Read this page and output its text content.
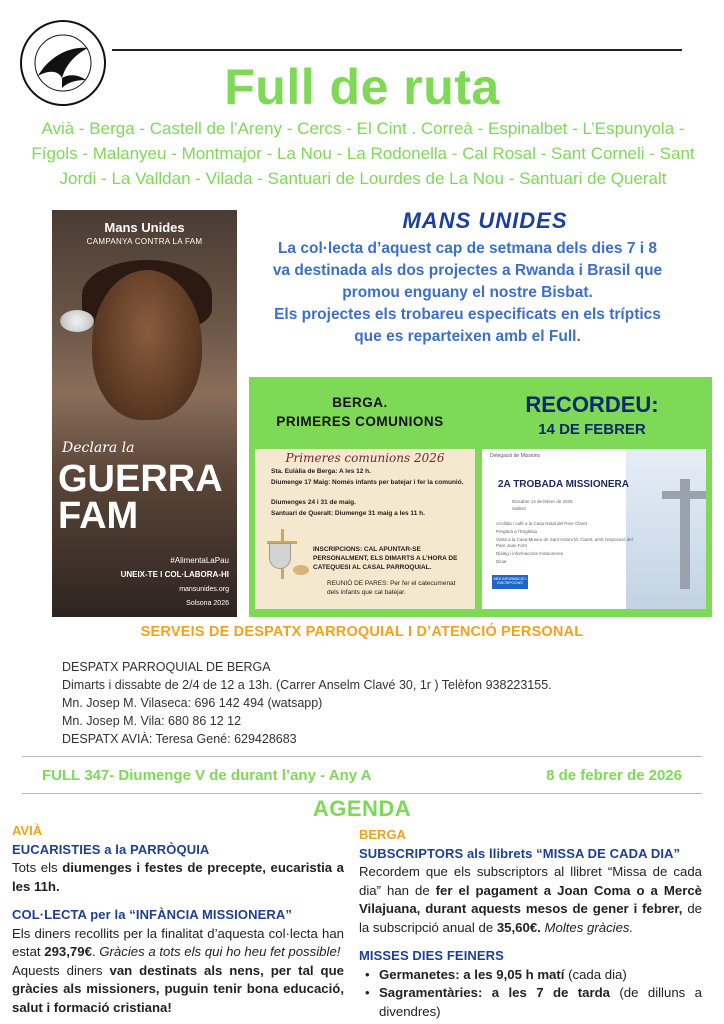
Full de ruta

Avià - Berga - Castell de l’Areny - Cercs - El Cint . Correà - Espinalbet - L’Espunyola - Fígols - Malanyeu - Montmajor - La Nou - La Rodonella - Cal Rosal - Sant Corneli - Sant Jordi - La Valldan - Vilada - Santuari de Lourdes de La Nou - Santuari de Queralt

Mans Unides
CAMPANYA CONTRA LA FAM
Declara la
GUERRA
FAM
#AlimentaLaPau
UNEIX-TE I COL·LABORA-HI
mansunides.org
Solsona 2026
MANS UNIDES

La col·lecta d’aquest cap de setmana dels dies 7 i 8 va destinada als dos projectes a Rwanda i Brasil que promou enguany el nostre Bisbat.

Els projectes els trobareu especificats en els tríptics que es reparteixen amb el Full.

BERGA.
PRIMERES COMUNIONS
RECORDEU:
14 DE FEBRER
Primeres comunions 2026
Sta. Eulàlia de Berga: A les 12 h.
Diumenge 17 Maig: Només infants per batejar i fer la comunió.
Diumenges 24 i 31 de maig.
Santuari de Queralt: Diumenge 31 maig a les 11 h.
INSCRIPCIONS: CAL APUNTAR-SE PERSONALMENT, ELS DIMARTS A L’HORA DE CATEQUESI AL CASAL PARROQUIAL.
REUNIÓ DE PARES: Per fer el catecumenat dels infants que cal batejar.
Delegació de Missions
2A TROBADA MISSIONERA
Dissabte 14 de febrer de 2026
Sallent
Acollida i cafè a la Casa Natal del Pare Claret
Pregària a l’Església
Visita a la Casa-Museu de Sant Antoni M. Claret, amb l’exposició del Pare Joan Font
Diàleg i informacions missioneres
Dinar
MÉS INFORMACIÓ I INSCRIPCIONS
SERVEIS DE DESPATX PARROQUIAL I D’ATENCIÓ PERSONAL
DESPATX PARROQUIAL DE BERGA
Dimarts i dissabte de 2/4 de 12 a 13h. (Carrer Anselm Clavé 30, 1r ) Telèfon 938223155.
Mn. Josep M. Vilaseca: 696 142 494 (watsapp)
Mn. Josep M. Vila: 680 86 12 12
DESPATX AVIÀ: Teresa Gené: 629428683
FULL 347- Diumenge V de durant l’any - Any A	8 de febrer de 2026
AGENDA
AVIÀ
EUCARISTIES a la PARRÒQUIA

Tots els diumenges i festes de precepte, eucaristia a les 11h.

COL·LECTA per la “INFÀNCIA MISSIONERA”

Els diners recollits per la finalitat d’aquesta col·lecta han estat 293,79€. Gràcies a tots els qui ho heu fet possible!

Aquests diners van destinats als nens, per tal que gràcies als missioners, puguin tenir bona educació, salut i formació cristiana!

BERGA
SUBSCRIPTORS als llibrets “MISSA DE CADA DIA”

Recordem que els subscriptors al llibret “Missa de cada dia” han de fer el pagament a Joan Coma o a Mercè Vilajuana, durant aquests mesos de gener i febrer, de la subscripció anual de 35,60€. Moltes gràcies.

MISSES DIES FEINERS
• Germanetes: a les 9,05 h matí (cada dia)
• Sagramentàries: a les 7 de tarda (de dilluns a divendres)
